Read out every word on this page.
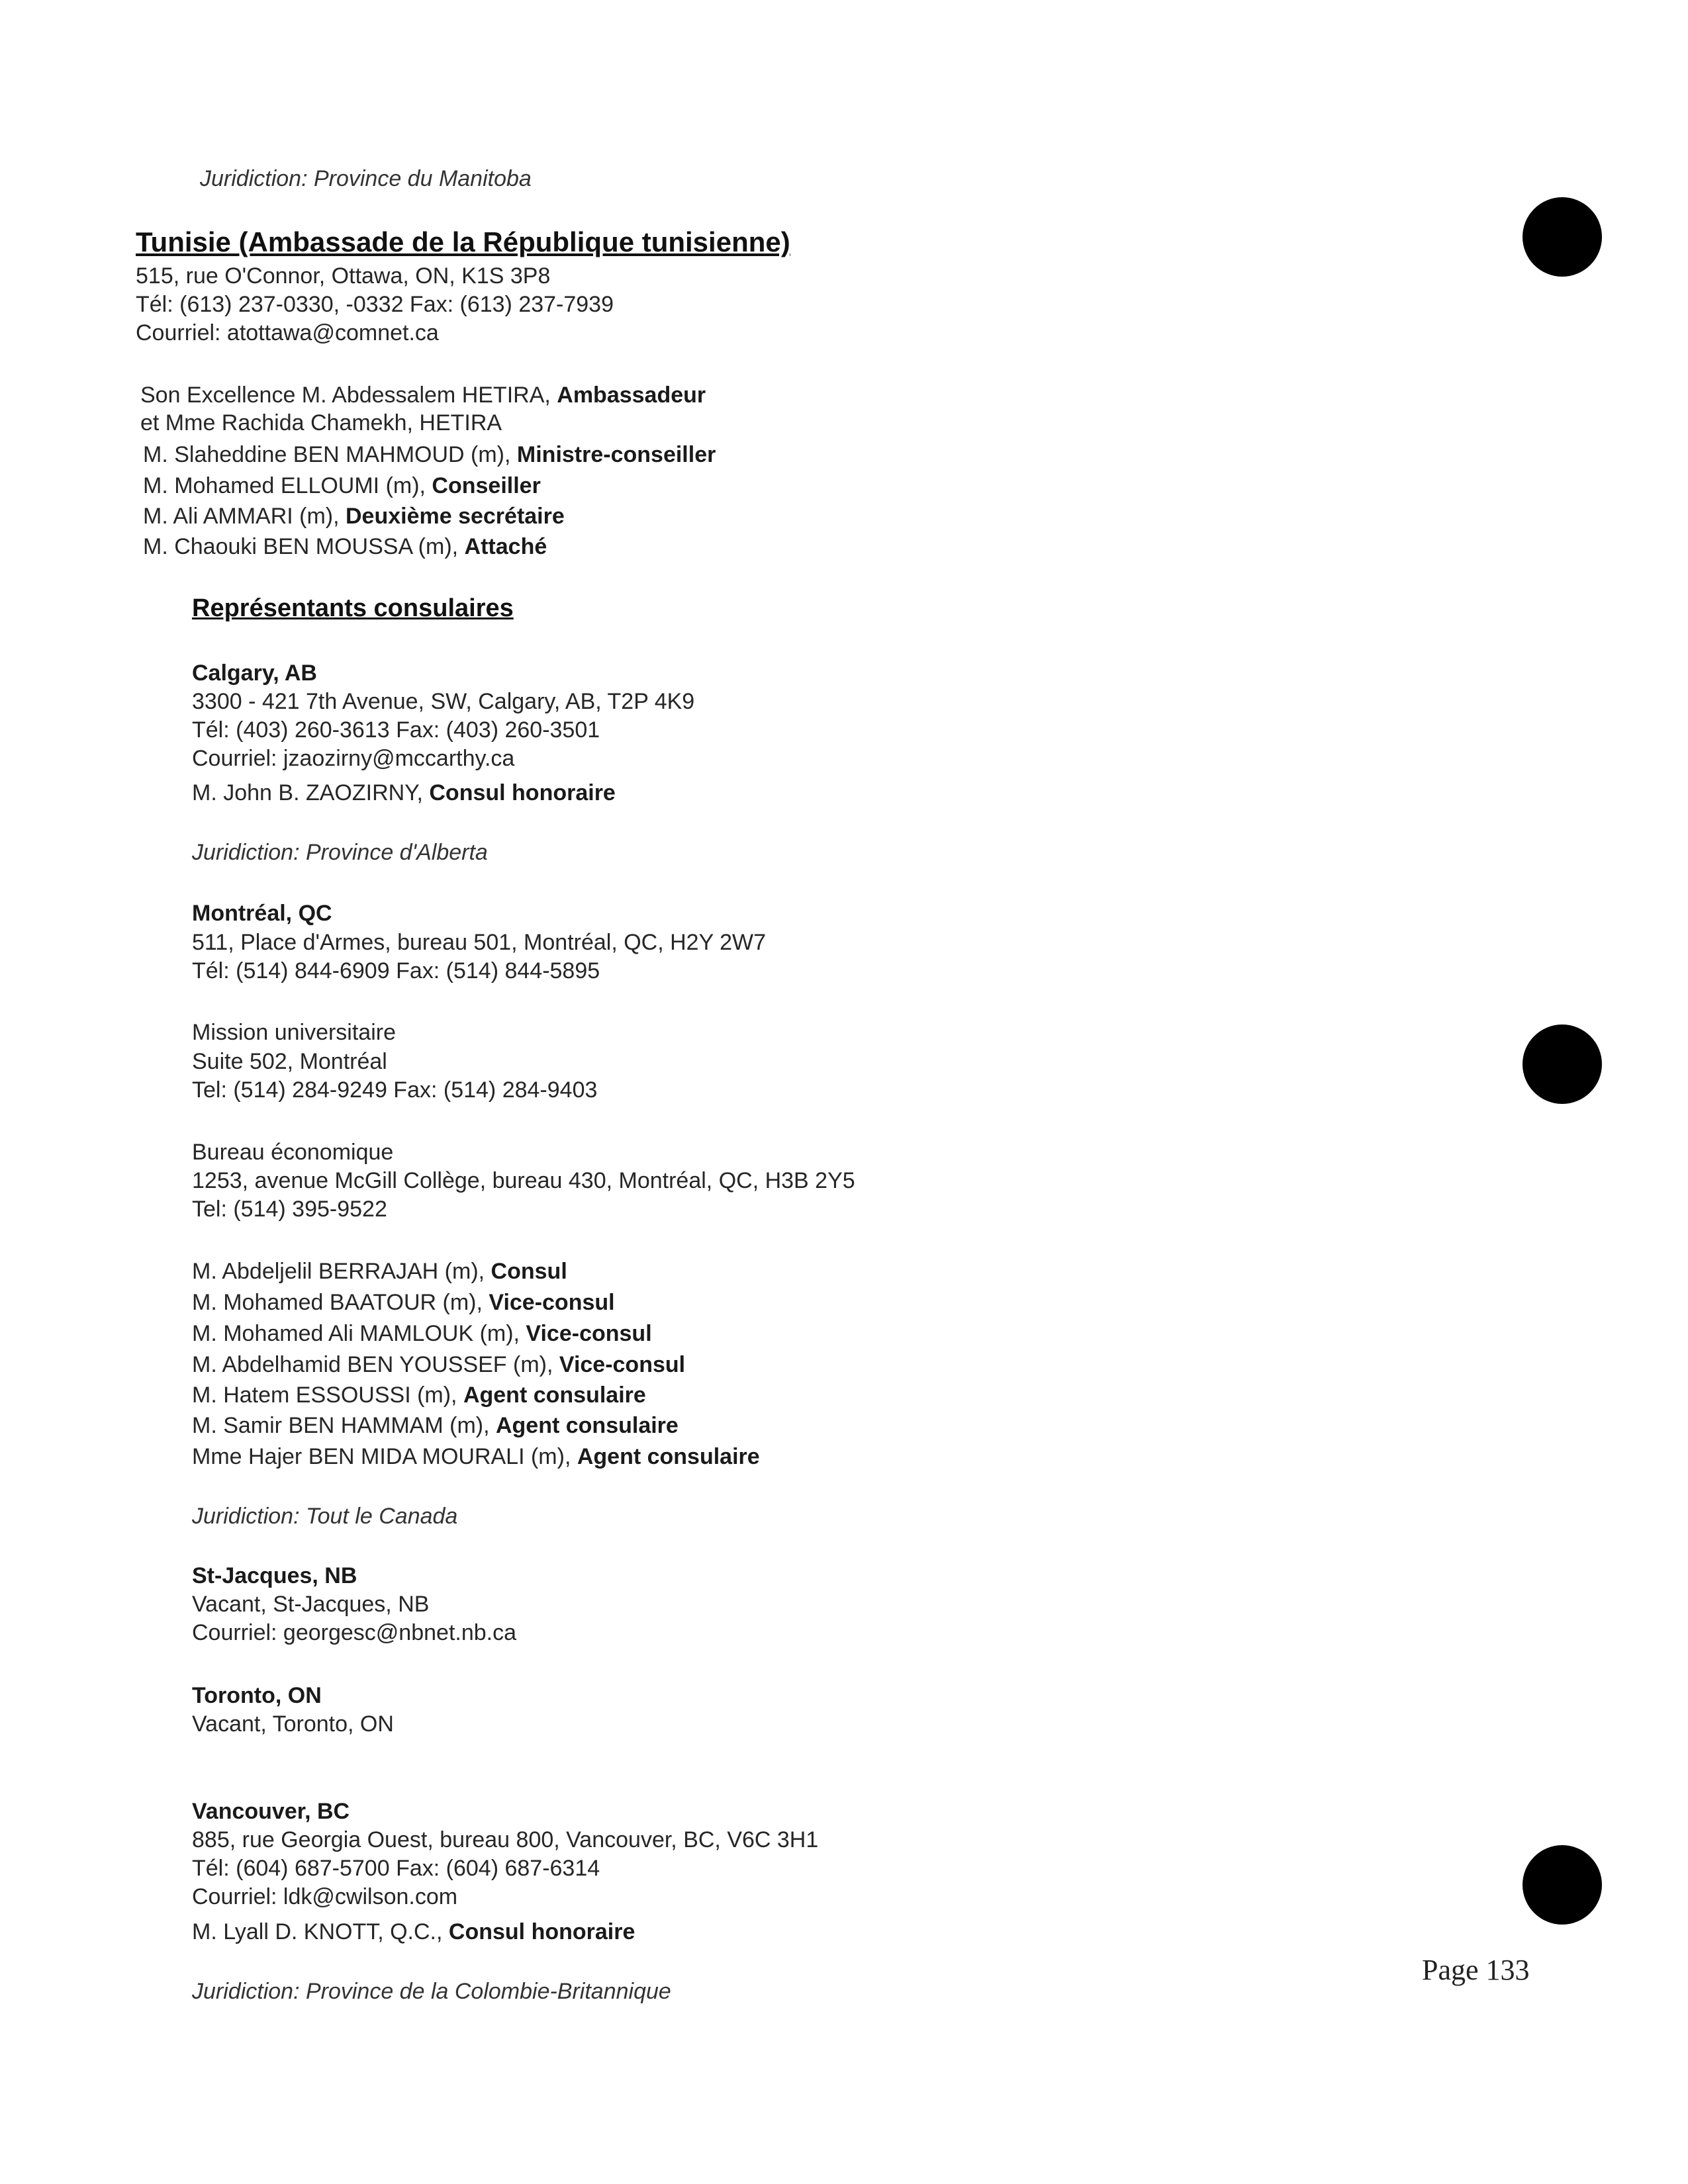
Juridiction: Province du Manitoba
Tunisie (Ambassade de la République tunisienne)
515, rue O'Connor, Ottawa, ON, K1S 3P8
Tél: (613) 237-0330, -0332 Fax: (613) 237-7939
Courriel: atottawa@comnet.ca
Son Excellence M. Abdessalem HETIRA, Ambassadeur
et Mme Rachida Chamekh, HETIRA
M. Slaheddine BEN MAHMOUD (m), Ministre-conseiller
M. Mohamed ELLOUMI (m), Conseiller
M. Ali AMMARI (m), Deuxième secrétaire
M. Chaouki BEN MOUSSA (m), Attaché
Représentants consulaires
Calgary, AB
3300 - 421 7th Avenue, SW, Calgary, AB, T2P 4K9
Tél: (403) 260-3613 Fax: (403) 260-3501
Courriel: jzaozirny@mccarthy.ca
M. John B. ZAOZIRNY, Consul honoraire
Juridiction: Province d'Alberta
Montréal, QC
511, Place d'Armes, bureau 501, Montréal, QC, H2Y 2W7
Tél: (514) 844-6909 Fax: (514) 844-5895
Mission universitaire
Suite 502, Montréal
Tel: (514) 284-9249 Fax: (514) 284-9403
Bureau économique
1253, avenue McGill Collège, bureau 430, Montréal, QC, H3B 2Y5
Tel: (514) 395-9522
M. Abdeljelil BERRAJAH (m), Consul
M. Mohamed BAATOUR (m), Vice-consul
M. Mohamed Ali MAMLOUK (m), Vice-consul
M. Abdelhamid BEN YOUSSEF (m), Vice-consul
M. Hatem ESSOUSSI (m), Agent consulaire
M. Samir BEN HAMMAM (m), Agent consulaire
Mme Hajer BEN MIDA MOURALI (m), Agent consulaire
Juridiction: Tout le Canada
St-Jacques, NB
Vacant, St-Jacques, NB
Courriel: georgesc@nbnet.nb.ca
Toronto, ON
Vacant, Toronto, ON
Vancouver, BC
885, rue Georgia Ouest, bureau 800, Vancouver, BC, V6C 3H1
Tél: (604) 687-5700 Fax: (604) 687-6314
Courriel: ldk@cwilson.com
M. Lyall D. KNOTT, Q.C., Consul honoraire
Juridiction: Province de la Colombie-Britannique
Page 133
